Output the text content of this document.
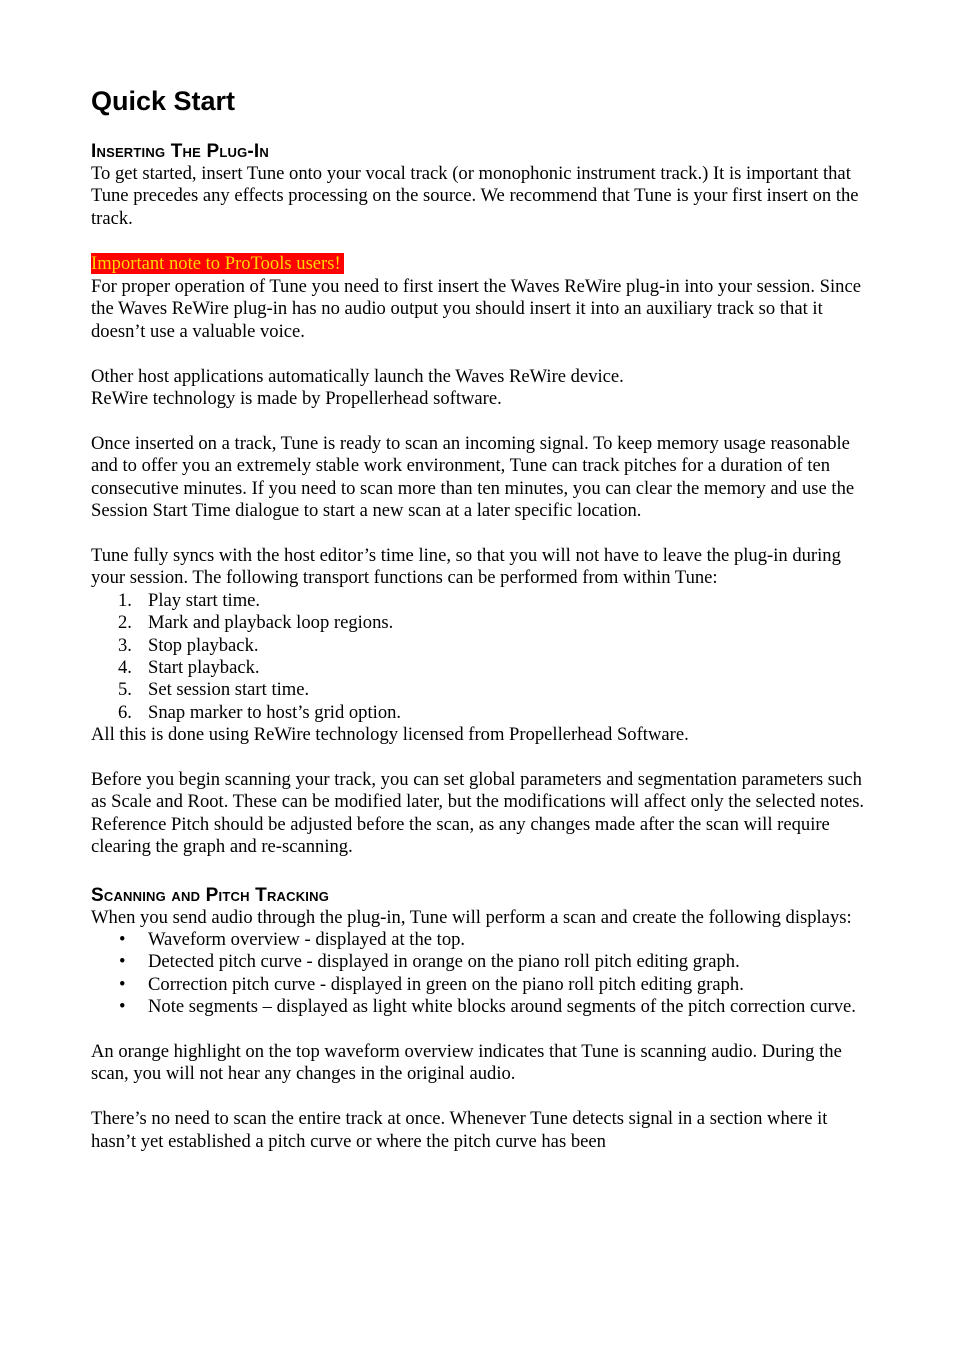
Quick Start
Inserting The Plug-In

To get started, insert Tune onto your vocal track (or monophonic instrument track.) It is important that Tune precedes any effects processing on the source. We recommend that Tune is your first insert on the track.

Important note to ProTools users!

For proper operation of Tune you need to first insert the Waves ReWire plug-in into your session. Since the Waves ReWire plug-in has no audio output you should insert it into an auxiliary track so that it doesn’t use a valuable voice.

Other host applications automatically launch the Waves ReWire device.

ReWire technology is made by Propellerhead software.

Once inserted on a track, Tune is ready to scan an incoming signal. To keep memory usage reasonable and to offer you an extremely stable work environment, Tune can track pitches for a duration of ten consecutive minutes. If you need to scan more than ten minutes, you can clear the memory and use the Session Start Time dialogue to start a new scan at a later specific location.

Tune fully syncs with the host editor’s time line, so that you will not have to leave the plug-in during your session. The following transport functions can be performed from within Tune:

1. Play start time.
2. Mark and playback loop regions.
3. Stop playback.
4. Start playback.
5. Set session start time.
6. Snap marker to host’s grid option.

All this is done using ReWire technology licensed from Propellerhead Software.

Before you begin scanning your track, you can set global parameters and segmentation parameters such as Scale and Root. These can be modified later, but the modifications will affect only the selected notes. Reference Pitch should be adjusted before the scan, as any changes made after the scan will require clearing the graph and re-scanning.

Scanning and Pitch Tracking

When you send audio through the plug-in, Tune will perform a scan and create the following displays:

• Waveform overview - displayed at the top.
• Detected pitch curve - displayed in orange on the piano roll pitch editing graph.
• Correction pitch curve - displayed in green on the piano roll pitch editing graph.
• Note segments – displayed as light white blocks around segments of the pitch correction curve.

An orange highlight on the top waveform overview indicates that Tune is scanning audio. During the scan, you will not hear any changes in the original audio.

There’s no need to scan the entire track at once. Whenever Tune detects signal in a section where it hasn’t yet established a pitch curve or where the pitch curve has been
